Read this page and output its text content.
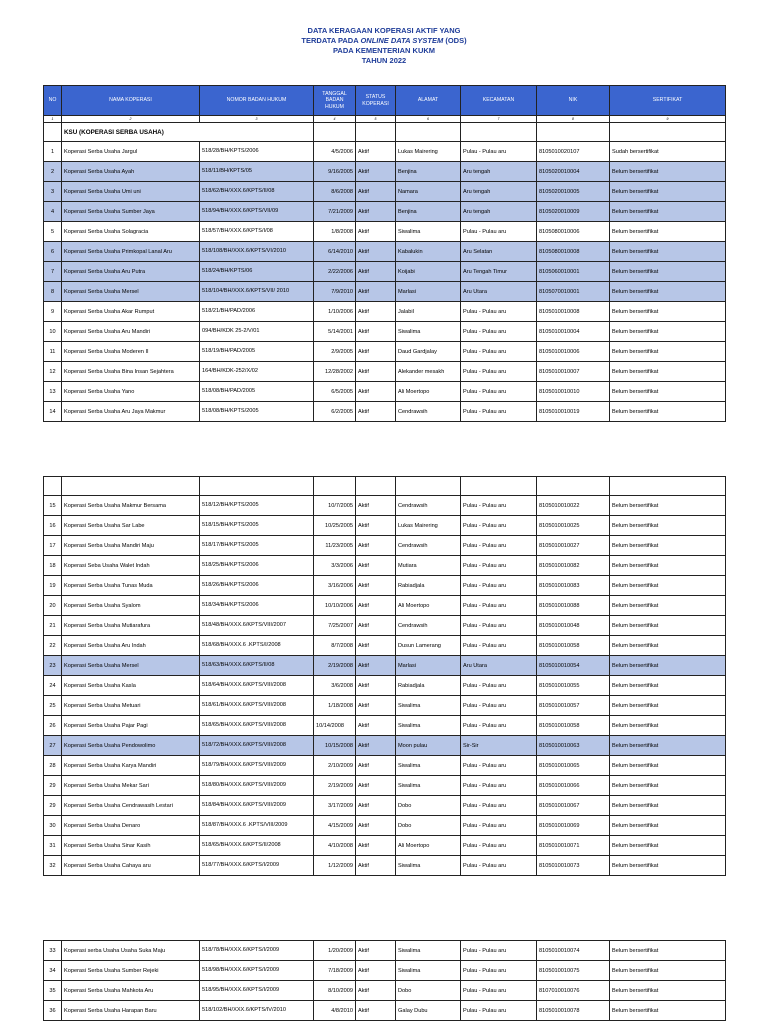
DATA KERAGAAN KOPERASI AKTIF YANG
TERDATA PADA ONLINE DATA SYSTEM (ODS)
PADA KEMENTERIAN KUKM
TAHUN 2022
NO	NAMA KOPERASI	NOMOR BADAN HUKUM	TANGGAL BADAN HUKUM	STATUS KOPERASI	ALAMAT	KECAMATAN	NIK	SERTIFIKAT
1	2	3	4	5	6	7	8	9
	KSU (KOPERASI SERBA USAHA)							
1	Koperasi Serba Usaha Jargul	518/28/BH/KPTS/2006	4/5/2006	Aktif	Lukas Mairering	Pulau - Pulau aru	8105010020107	Sudah bersertifikat
2	Koperasi Serba Usaha Ayah	518/11/BH/KPTS/05	9/16/2005	Aktif	Benjina	Aru tengah	8105020010004	Belum bersertifikat
3	Koperasi Serba Usaha Umi uni	518/62/BH/XXX.6/KPTS/II/08	8/6/2008	Aktif	Namara	Aru tengah	8105020010005	Belum bersertifikat
4	Koperasi Serba Usaha Sumber Jaya	518/94/BH/XXX.6/KPTS/VII/09	7/21/2009	Aktif	Benjina	Aru tengah	8105020010009	Belum bersertifikat
5	Koperasi Serba Usaha Solagracia	518/57/BH/XXX.6/KPTS/I/08	1/8/2008	Aktif	Siwalima	Pulau - Pulau aru	8105080010006	Belum bersertifikat
6	Koperasi Serba Usaha Primkopal Lanal Aru	518/108/BH/XXX.6/KPTS/VI/2010	6/14/2010	Aktif	Kabalukin	Aru Selatan	8105080010008	Belum bersertifikat
7	Koperasi Serba Usaha Aru Putra	518/24/BH/KPTS/06	2/22/2006	Aktif	Koijabi	Aru Tengah Timur	8105060010001	Belum bersertifikat
8	Koperasi Serba Usaha Mersel	518/104/BH/XXX.6/KPTS/VII/ 2010	7/9/2010	Aktif	Marlasi	Aru Utara	8105070010001	Belum bersertifikat
9	Koperasi Serba Usaha Akar Rumput	518/21/BH/PAD/2006	1/10/2006	Aktif	Jalabil	Pulau - Pulau aru	8105010010008	Belum bersertifikat
10	Koperasi Serba Usaha Aru Mandiri	094/BH/KDK 25-2/V/01	5/14/2001	Aktif	Siwalima	Pulau - Pulau aru	8105010010004	Belum bersertifikat
11	Koperasi Serba Usaha Moderen II	518/19/BH/PAD/2005	2/9/2005	Aktif	Daud Gardjalay	Pulau - Pulau aru	8105010010006	Belum bersertifikat
12	Koperasi Serba Usaha Bina Insan Sejahtera	164/BH/KDK-252/X/02	12/28/2002	Aktif	Alekander mesakh	Pulau - Pulau aru	8105010010007	Belum bersertifikat
13	Koperasi Serba Usaha Yano	518/08/BH/PAD/2005	6/5/2005	Aktif	Ali Moertopo	Pulau - Pulau aru	8105010010010	Belum bersertifikat
14	Koperasi Serba Usaha Aru Jaya Makmur	518/08/BH/KPTS/2005	6/2/2005	Aktif	Cendrawsih	Pulau - Pulau aru	8105010010019	Belum bersertifikat

15	Koperasi Serba Usaha Makmur Bersama	518/12/BH/KPTS/2005	10/7/2005	Aktif	Cendrawsih	Pulau - Pulau aru	8105010010022	Belum bersertifikat
16	Koperasi Serba Usaha Sar Labe	518/15/BH/KPTS/2005	10/25/2005	Aktif	Lukas Mairering	Pulau - Pulau aru	8105010010025	Belum bersertifikat
17	Koperasi Serba Usaha Mandiri Maju	518/17/BH/KPTS/2005	11/23/2005	Aktif	Cendrawsih	Pulau - Pulau aru	8105010010027	Belum bersertifikat
18	Koperasi Seba Usaha Walet Indah	518/25/BH/KPTS/2006	3/3/2006	Aktif	Mutiara	Pulau - Pulau aru	8105010010082	Belum bersertifikat
19	Koperasi Serba Usaha Tunas Muda	518/26/BH/KPTS/2006	3/16/2006	Aktif	Rabiadjala	Pulau - Pulau aru	8105010010083	Belum bersertifikat
20	Koperasi Serba Usaha Syalom	518/34/BH/KPTS/2006	10/10/2006	Aktif	Ali Moertopo	Pulau - Pulau aru	8105010010088	Belum bersertifikat
21	Koperasi Serba Usaha Mutiarafura	518/48/BH/XXX.6/KPTS/VIII/2007	7/25/2007	Aktif	Cendrawsih	Pulau - Pulau aru	8105010010048	Belum bersertifikat
22	Koperasi Serba Usaha Aru Indah	518/68/BH/XXX.6 .KPTS/I/2008	8/7/2008	Aktif	Dusun Lamerang	Pulau - Pulau aru	8105010010058	Belum bersertifikat
23	Koperasi Serba Usaha Mersel	518/63/BH/XXX.6/KPTS/II/08	2/19/2008	Aktif	Marlasi	Aru Utara	8105010010054	Belum bersertifikat
24	Koperasi Serba Usaha Kasla	518/64/BH/XXX.6/KPTS/VIII/2008	3/6/2008	Aktif	Rabiadjala	Pulau - Pulau aru	8105010010055	Belum bersertifikat
25	Koperasi Serba Usaha Metuari	518/61/BH/XXX.6/KPTS/VIII/2008	1/18/2008	Aktif	Siwalima	Pulau - Pulau aru	8105010010057	Belum bersertifikat
26	Koperasi Serba Usaha Pajar Pagi	518/65/BH/XXX.6/KPTS/VIII/2008	10/14/2008	Aktif	Siwalima	Pulau - Pulau aru	8105010010058	Belum bersertifikat
27	Koperasi Serba Usaha Pendowolimo	518/72/BH/XXX.6/KPTS/VIII/2008	10/15/2008	Aktif	Moon pulau	Sir-Sir	8105010010063	Belum bersertifikat
28	Koperasi Serba Usaha Karya Mandiri	518/79/BH/XXX.6/KPTS/VIII/2009	2/10/2009	Aktif	Siwalima	Pulau - Pulau aru	8105010010065	Belum bersertifikat
29	Koperasi Serba Usaha Mekar Sari	518/80/BH/XXX.6/KPTS/VIII/2009	2/19/2009	Aktif	Siwalima	Pulau - Pulau aru	8105010010066	Belum bersertifikat
29	Koperasi Serba Usaha Cendrawasih Lestari	518/84/BH/XXX.6/KPTS/VIII/2009	3/17/2009	Aktif	Dobo	Pulau - Pulau aru	8105010010067	Belum bersertifikat
30	Koperasi Serba Usaha Denaro	518/87/BH/XXX.6 .KPTS/VIII/2009	4/15/2009	Aktif	Dobo	Pulau - Pulau aru	8105010010069	Belum bersertifikat
31	Koperasi Serba Usaha Sinar Kasih	518/65/BH/XXX.6/KPTS/II/2008	4/10/2008	Aktif	Ali Moertopo	Pulau - Pulau aru	8105010010071	Belum bersertifikat
32	Koperasi Serba Usaha Cahaya aru	518/77/BH/XXX.6/KPTS/I/2009	1/12/2009	Aktif	Siwalima	Pulau - Pulau aru	8105010010073	Belum bersertifikat
33	Koperasi serba Usaha Usaha Suka Maju	518/78/BH/XXX.6/KPTS/I/2009	1/20/2009	Aktif	Siwalima	Pulau - Pulau aru	8105010010074	Belum bersertifikat
34	Koperasi Serba Usaha Sumber Rejeki	518/98/BH/XXX.6/KPTS/I/2009	7/18/2009	Aktif	Siwalima	Pulau - Pulau aru	8105010010075	Belum bersertifikat
35	Koperasi Serba Usaha Mahkota Aru	518/95/BH/XXX.6/KPTS/I/2009	8/10/2009	Aktif	Dobo	Pulau - Pulau aru	8107010010076	Belum bersertifikat
36	Koperasi Serba Usaha Harapan Baru	518/102/BH/XXX.6/KPTS/IV/2010	4/8/2010	Aktif	Galay Dubu	Pulau - Pulau aru	8105010010078	Belum bersertifikat
